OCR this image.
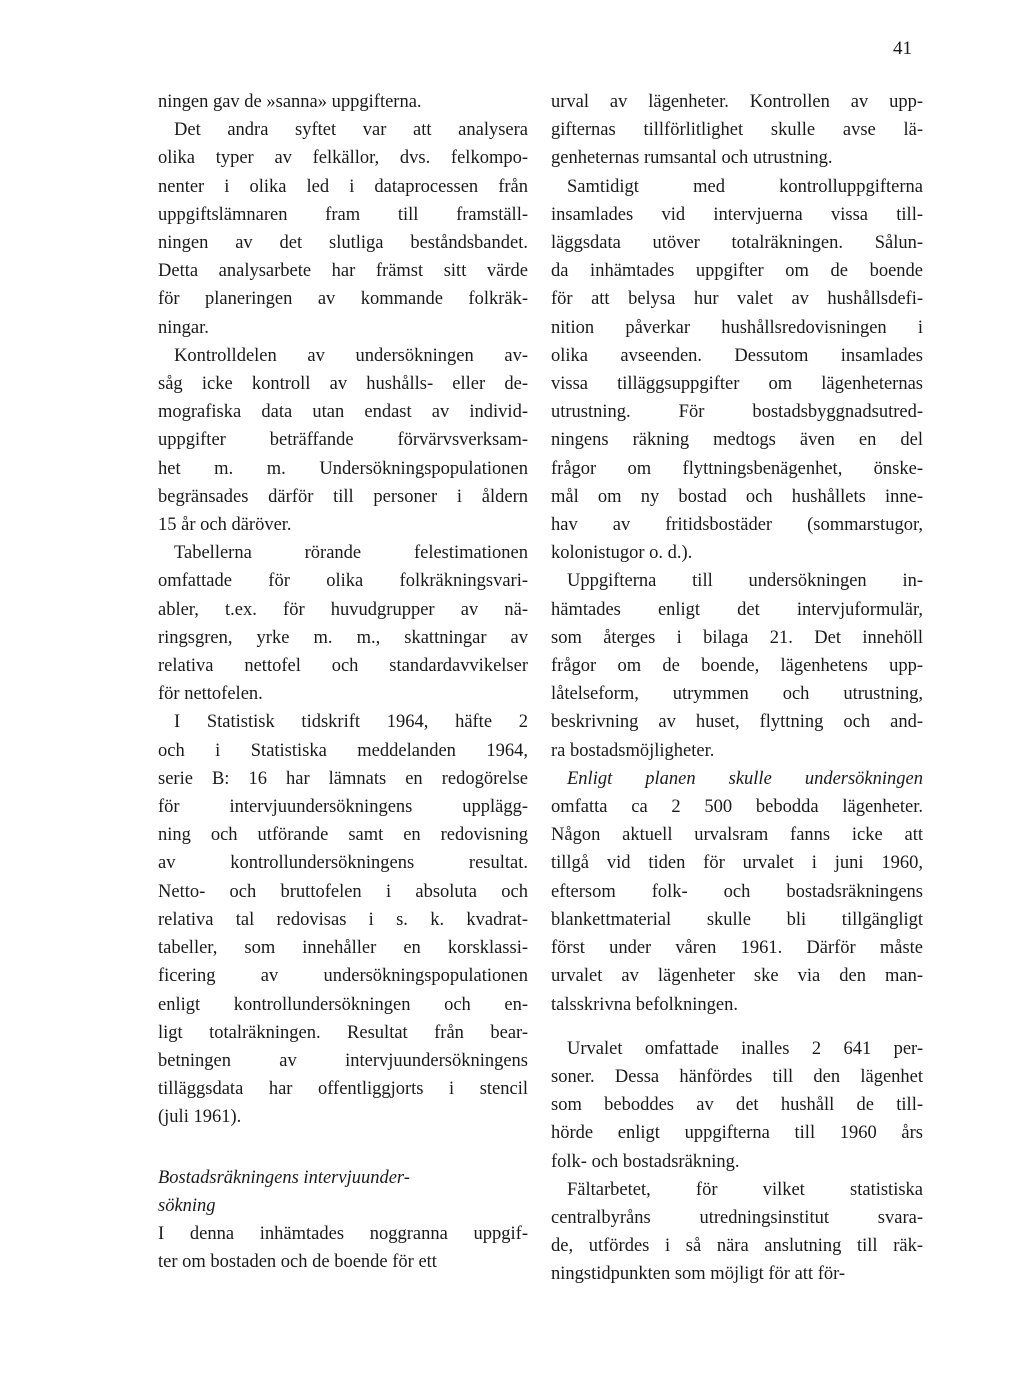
41
ningen gav de »sanna» uppgifterna.
Det andra syftet var att analysera
olika typer av felkällor, dvs. felkompo-
nenter i olika led i dataprocessen från
uppgiftslämnaren fram till framställ-
ningen av det slutliga beståndsbandet.
Detta analysarbete har främst sitt värde
för planeringen av kommande folkräk-
ningar.
Kontrolldelen av undersökningen av-
såg icke kontroll av hushålls- eller de-
mografiska data utan endast av individ-
uppgifter beträffande förvärvsverksam-
het m. m. Undersökningspopulationen
begränsades därför till personer i åldern
15 år och däröver.
Tabellerna rörande felestimationen
omfattade för olika folkräkningsvari-
abler, t.ex. för huvudgrupper av nä-
ringsgren, yrke m. m., skattningar av
relativa nettofel och standardavvikelser
för nettofelen.
I Statistisk tidskrift 1964, häfte 2
och i Statistiska meddelanden 1964,
serie B: 16 har lämnats en redogörelse
för intervjuundersökningens upplägg-
ning och utförande samt en redovisning
av kontrollundersökningens resultat.
Netto- och bruttofelen i absoluta och
relativa tal redovisas i s. k. kvadrat-
tabeller, som innehåller en korsklassi-
ficering av undersökningspopulationen
enligt kontrollundersökningen och en-
ligt totalräkningen. Resultat från bear-
betningen av intervjuundersökningens
tilläggsdata har offentliggjorts i stencil
(juli 1961).
Bostadsräkningens intervjuunder-
sökning
I denna inhämtades noggranna uppgif-
ter om bostaden och de boende för ett
urval av lägenheter. Kontrollen av upp-
gifternas tillförlitlighet skulle avse lä-
genheternas rumsantal och utrustning.
Samtidigt med kontrolluppgifterna
insamlades vid intervjuerna vissa till-
läggsdata utöver totalräkningen. Sålun-
da inhämtades uppgifter om de boende
för att belysa hur valet av hushållsdefi-
nition påverkar hushållsredovisningen i
olika avseenden. Dessutom insamlades
vissa tilläggsuppgifter om lägenheternas
utrustning. För bostadsbyggnadsutred-
ningens räkning medtogs även en del
frågor om flyttningsbenägenhet, önske-
mål om ny bostad och hushållets inne-
hav av fritidsbostäder (sommarstugor,
kolonistugor o. d.).
Uppgifterna till undersökningen in-
hämtades enligt det intervjuformulär,
som återges i bilaga 21. Det innehöll
frågor om de boende, lägenhetens upp-
låtelseform, utrymmen och utrustning,
beskrivning av huset, flyttning och and-
ra bostadsmöjligheter.
Enligt planen skulle undersökningen
omfatta ca 2 500 bebodda lägenheter.
Någon aktuell urvalsram fanns icke att
tillgå vid tiden för urvalet i juni 1960,
eftersom folk- och bostadsräkningens
blankettmaterial skulle bli tillgängligt
först under våren 1961. Därför måste
urvalet av lägenheter ske via den man-
talsskrivna befolkningen.
Urvalet omfattade inalles 2 641 per-
soner. Dessa hänfördes till den lägenhet
som beboddes av det hushåll de till-
hörde enligt uppgifterna till 1960 års
folk- och bostadsräkning.
Fältarbetet, för vilket statistiska
centralbyråns utredningsinstitut svara-
de, utfördes i så nära anslutning till räk-
ningstidpunkten som möjligt för att för-
